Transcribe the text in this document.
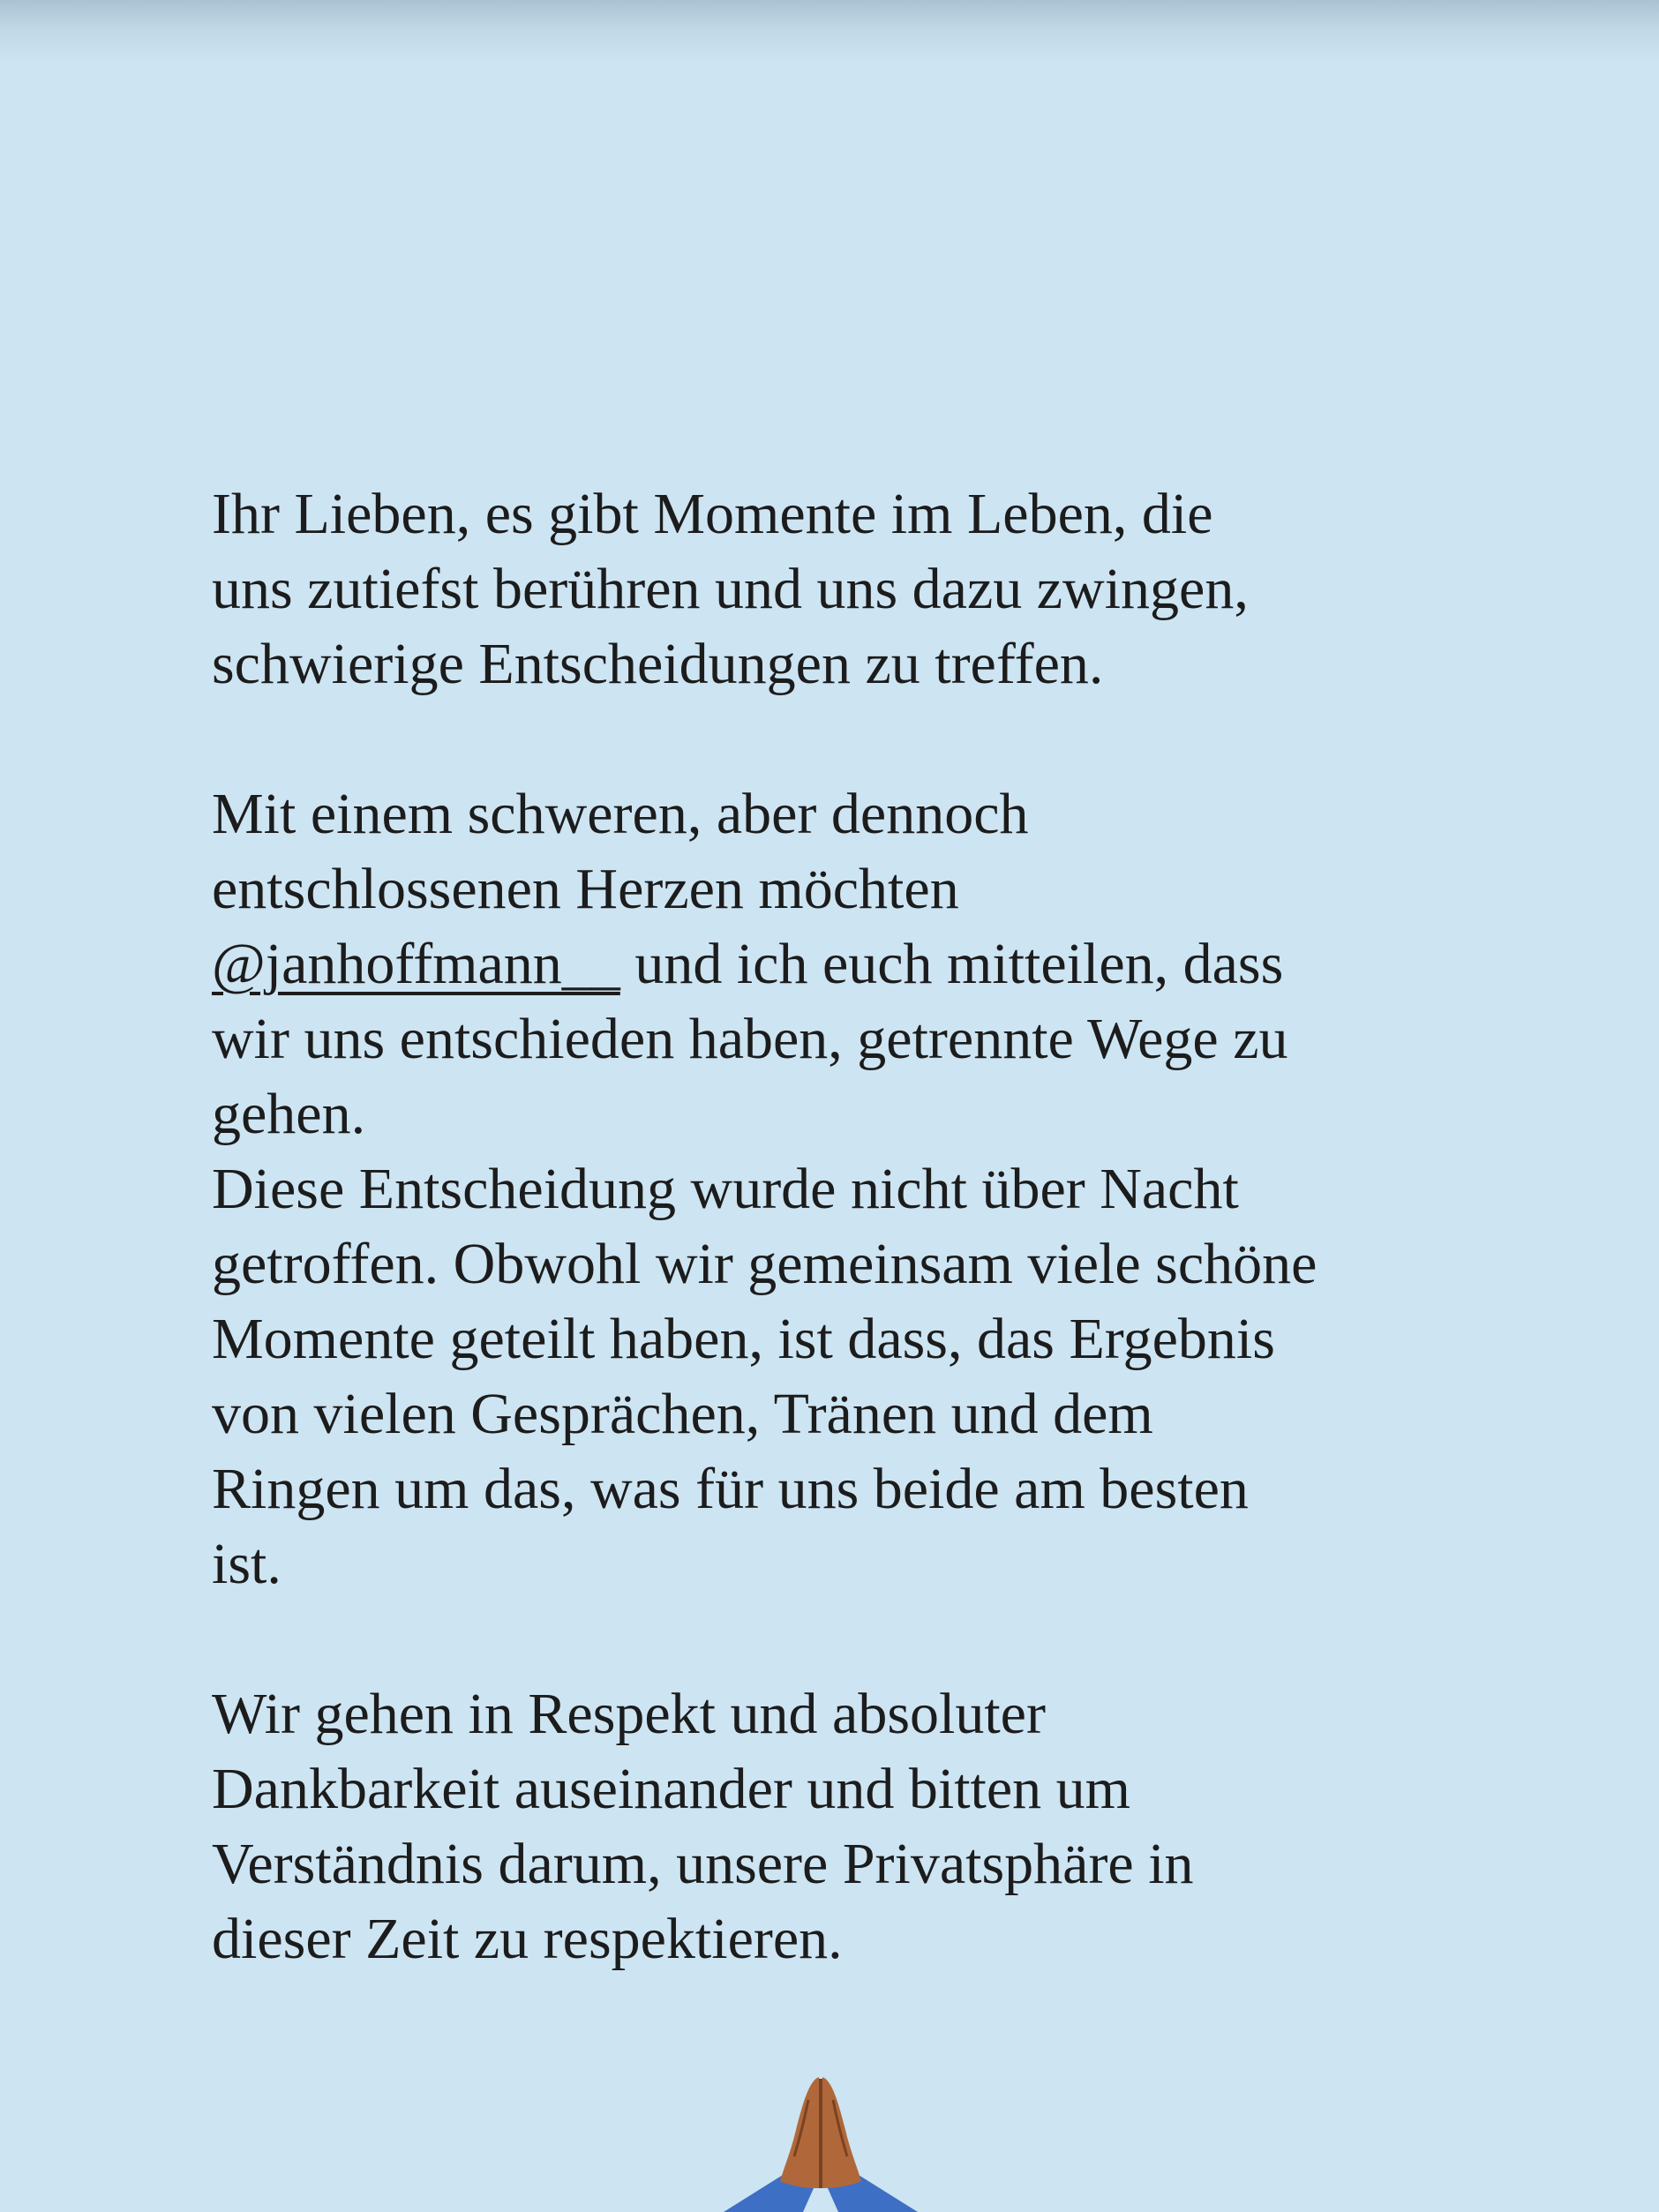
Ihr Lieben, es gibt Momente im Leben, die

uns zutiefst berühren und uns dazu zwingen,

schwierige Entscheidungen zu treffen.

Mit einem schweren, aber dennoch

entschlossenen Herzen möchten

@janhoffmann__ und ich euch mitteilen, dass

wir uns entschieden haben, getrennte Wege zu

gehen.

Diese Entscheidung wurde nicht über Nacht

getroffen. Obwohl wir gemeinsam viele schöne

Momente geteilt haben, ist dass, das Ergebnis

von vielen Gesprächen, Tränen und dem

Ringen um das, was für uns beide am besten

ist.

Wir gehen in Respekt und absoluter

Dankbarkeit auseinander und bitten um

Verständnis darum, unsere Privatsphäre in

dieser Zeit zu respektieren.
